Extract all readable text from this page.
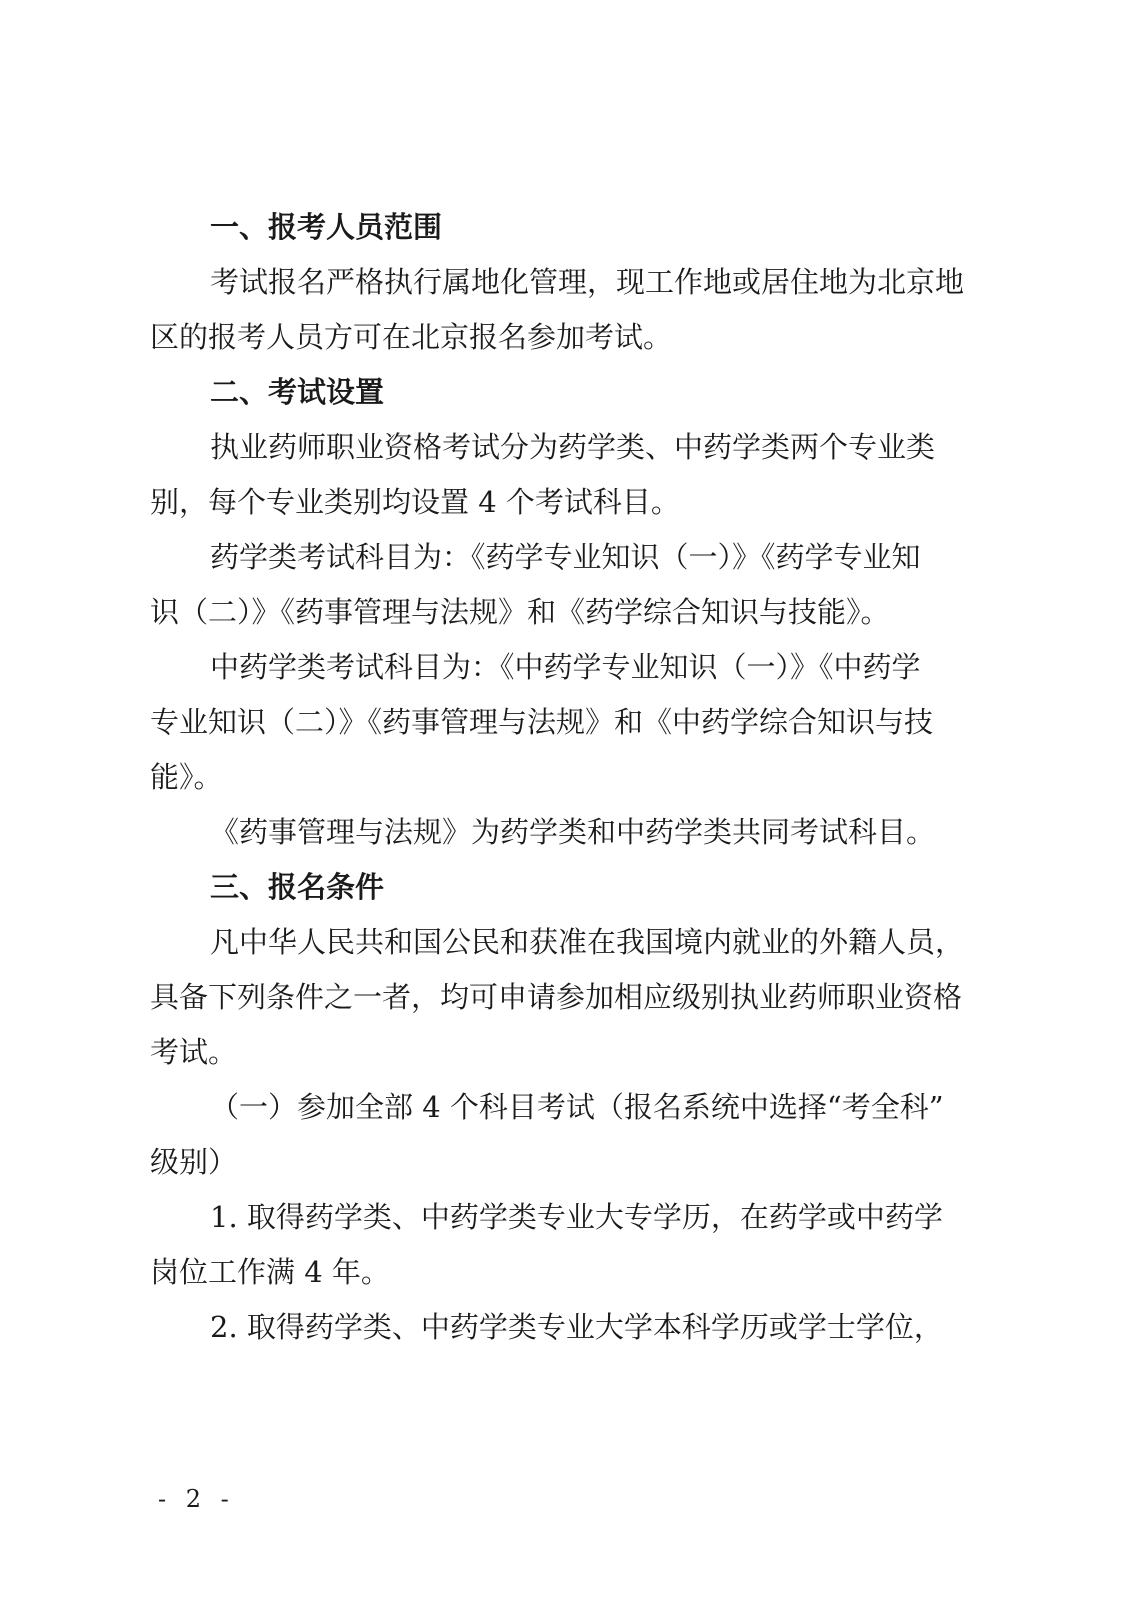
一、报考人员范围
考试报名严格执行属地化管理，现工作地或居住地为北京地
区的报考人员方可在北京报名参加考试。
二、考试设置
执业药师职业资格考试分为药学类、中药学类两个专业类
别，每个专业类别均设置 4 个考试科目。
药学类考试科目为：《药学专业知识（一）》《药学专业知
识（二）》《药事管理与法规》和《药学综合知识与技能》。
中药学类考试科目为：《中药学专业知识（一）》《中药学
专业知识（二）》《药事管理与法规》和《中药学综合知识与技
能》。
《药事管理与法规》为药学类和中药学类共同考试科目。
三、报名条件
凡中华人民共和国公民和获准在我国境内就业的外籍人员，
具备下列条件之一者，均可申请参加相应级别执业药师职业资格
考试。
（一）参加全部 4 个科目考试（报名系统中选择“考全科”
级别）
1. 取得药学类、中药学类专业大专学历，在药学或中药学
岗位工作满 4 年。
2. 取得药学类、中药学类专业大学本科学历或学士学位，
- 2 -
